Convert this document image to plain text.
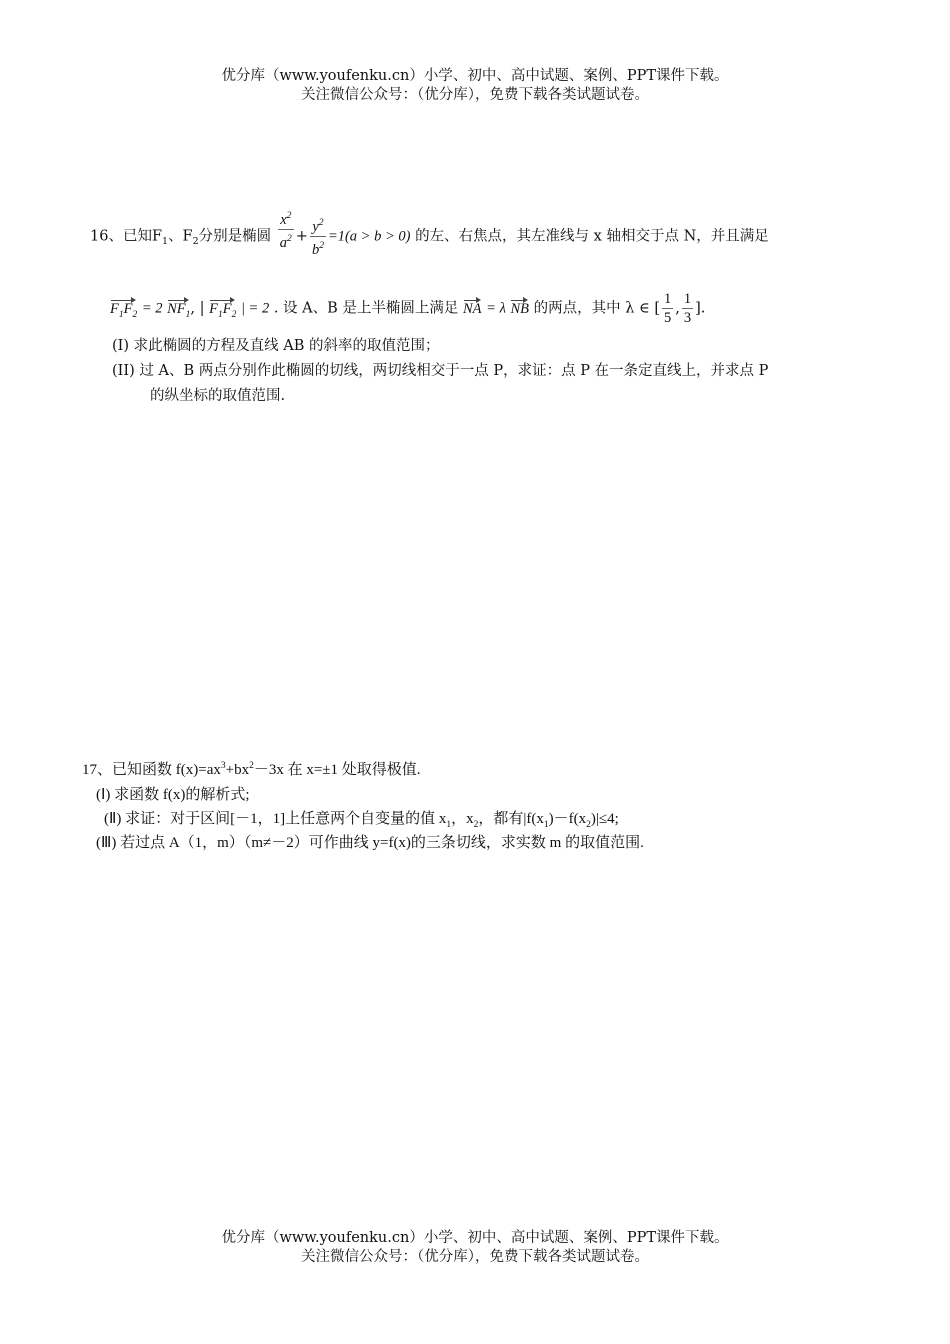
优分库（www.youfenku.cn）小学、初中、高中试题、案例、PPT课件下载。
关注微信公众号：（优分库），免费下载各类试题试卷。
16、已知$F_1$、$F_2$分别是椭圆 $\frac{x^2}{a^2} + \frac{y^2}{b^2} =1(a > b > 0)$ 的左、右焦点，其左准线与 x 轴相交于点 N，并且满足
$F_1F_2 = 2$ $NF_1$, | $F_1F_2$ | = 2 . 设 A、B 是上半椭圆上满足 NA = λ NB 的两点，其中 λ ∈ [ $\frac{1}{5}$ , $\frac{1}{3}$ ].
(I) 求此椭圆的方程及直线 AB 的斜率的取值范围；
(II) 过 A、B 两点分别作此椭圆的切线，两切线相交于一点 P，求证：点 P 在一条定直线上，并求点 P
的纵坐标的取值范围.
17、已知函数 $f(x)=ax^3+bx^2-3x$ 在 x=±1 处取得极值.
(Ⅰ) 求函数 f(x)的解析式;
(Ⅱ) 求证：对于区间[－1，1]上任意两个自变量的值 $x_1$，$x_2$，都有$|f(x_1)-f(x_2)|\le 4$;
(Ⅲ) 若过点 A（1，m）（m≠－2）可作曲线 y=f(x)的三条切线，求实数 m 的取值范围.
优分库（www.youfenku.cn）小学、初中、高中试题、案例、PPT课件下载。
关注微信公众号：（优分库），免费下载各类试题试卷。
